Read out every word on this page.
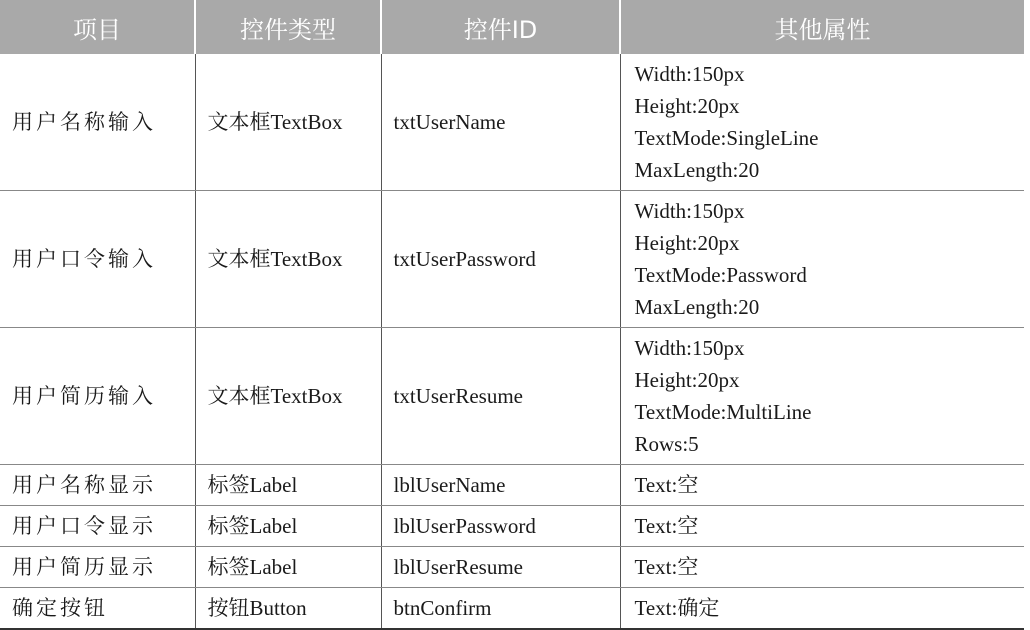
项目	控件类型	控件ID	其他属性
用户名称输入	文本框TextBox	txtUserName	Width:150px
Height:20px
TextMode:SingleLine
MaxLength:20

用户口令输入	文本框TextBox	txtUserPassword	Width:150px
Height:20px
TextMode:Password
MaxLength:20

用户简历输入	文本框TextBox	txtUserResume	Width:150px
Height:20px
TextMode:MultiLine
Rows:5

用户名称显示	标签Label	lblUserName	Text:空
用户口令显示	标签Label	lblUserPassword	Text:空
用户简历显示	标签Label	lblUserResume	Text:空
确定按钮	按钮Button	btnConfirm	Text:确定
